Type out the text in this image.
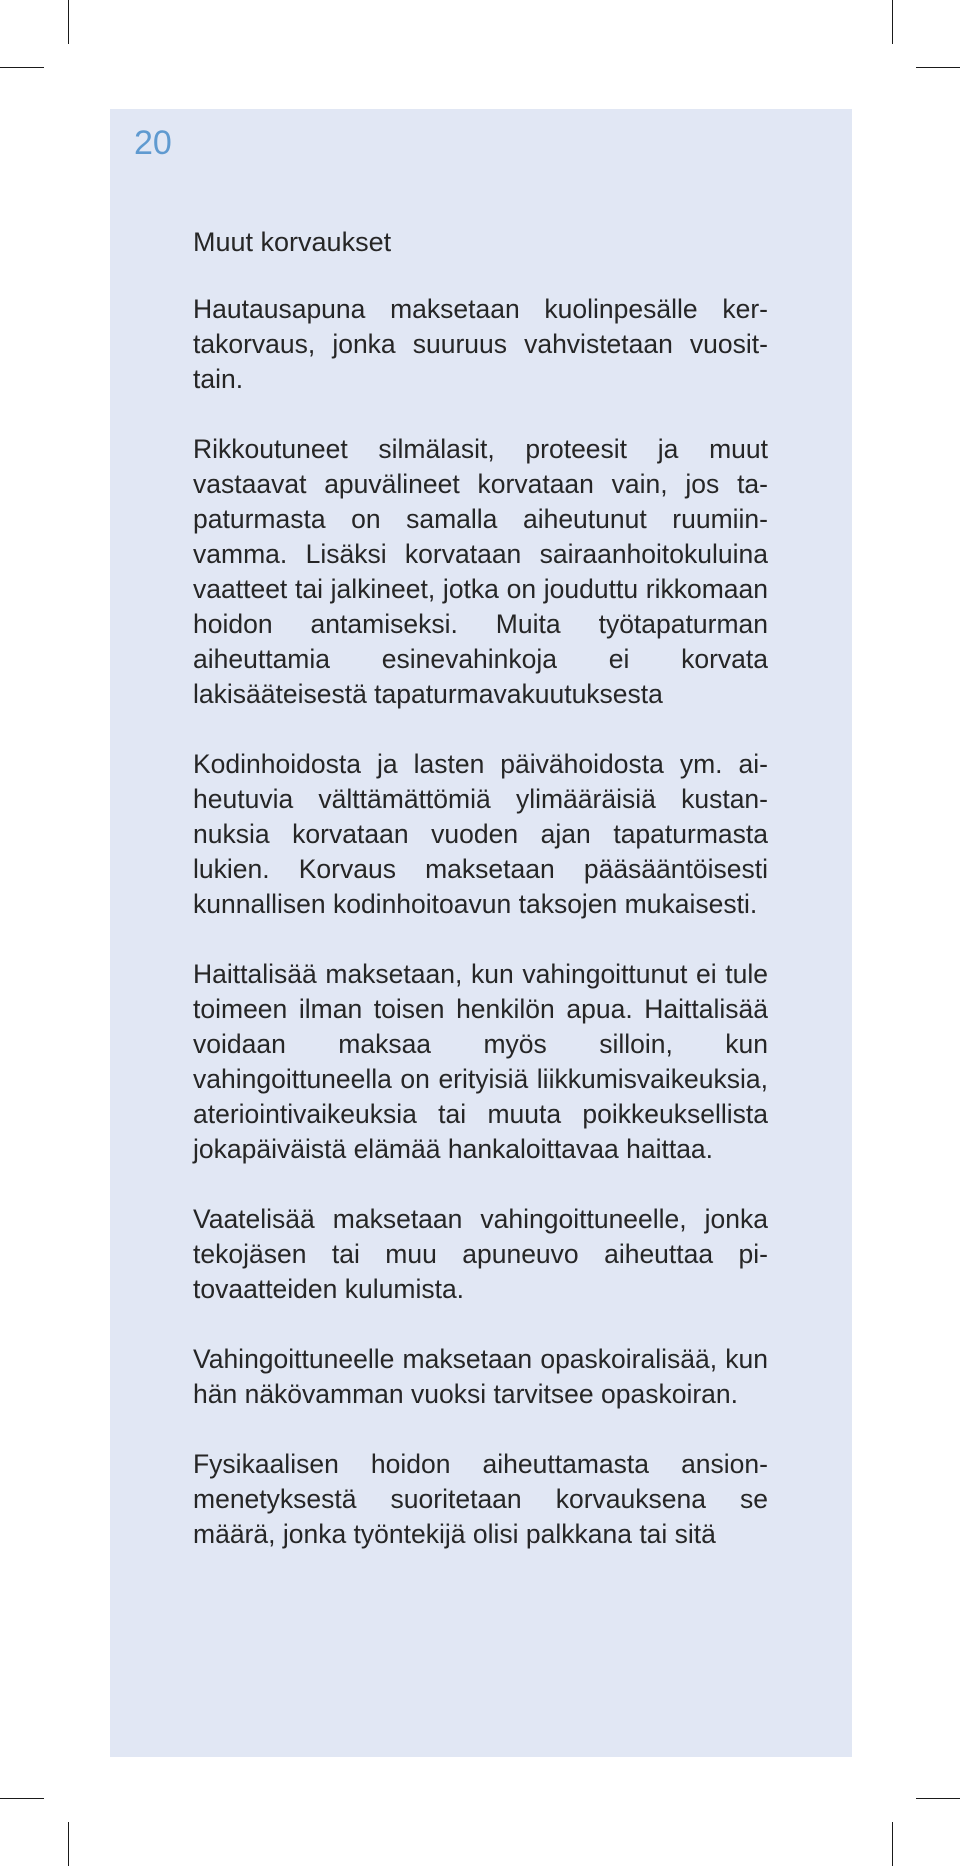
20
Muut korvaukset

Hautausapuna maksetaan kuolinpesälle kertakorvaus, jonka suuruus vahvistetaan vuosittain.

Rikkoutuneet silmälasit, proteesit ja muut vastaavat apuvälineet korvataan vain, jos tapaturmasta on samalla aiheutunut ruumiinvamma. Lisäksi korvataan sairaanhoitokuluina vaatteet tai jalkineet, jotka on jouduttu rikkomaan hoidon antamiseksi. Muita työtapaturman aiheuttamia esinevahinkoja ei korvata lakisääteisestä tapaturmavakuutuksesta

Kodinhoidosta ja lasten päivähoidosta ym. aiheutuvia välttämättömiä ylimääräisiä kustannuksia korvataan vuoden ajan tapaturmasta lukien. Korvaus maksetaan pääsääntöisesti kunnallisen kodinhoitoavun taksojen mukaisesti.

Haittalisää maksetaan, kun vahingoittunut ei tule toimeen ilman toisen henkilön apua. Haittalisää voidaan maksaa myös silloin, kun vahingoittuneella on erityisiä liikkumisvaikeuksia, ateriointivaikeuksia tai muuta poikkeuksellista jokapäiväistä elämää hankaloittavaa haittaa.

Vaatelisää maksetaan vahingoittuneelle, jonka tekojäsen tai muu apuneuvo aiheuttaa pitovaatteiden kulumista.

Vahingoittuneelle maksetaan opaskoiralisää, kun hän näkövamman vuoksi tarvitsee opaskoiran.

Fysikaalisen hoidon aiheuttamasta ansionmenetyksestä suoritetaan korvauksena se määrä, jonka työntekijä olisi palkkana tai sitä
